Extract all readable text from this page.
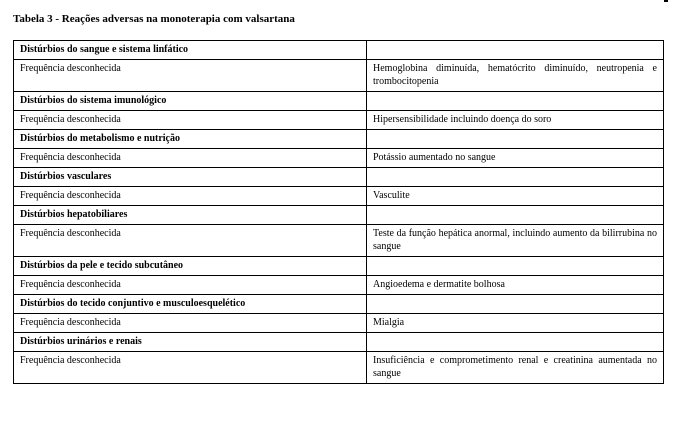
Tabela 3 - Reações adversas na monoterapia com valsartana
Distúrbios do sangue e sistema linfático	
Frequência desconhecida	Hemoglobina diminuída, hematócrito diminuído, neutropenia e trombocitopenia
Distúrbios do sistema imunológico	
Frequência desconhecida	Hipersensibilidade incluindo doença do soro
Distúrbios do metabolismo e nutrição	
Frequência desconhecida	Potássio aumentado no sangue
Distúrbios vasculares	
Frequência desconhecida	Vasculite
Distúrbios hepatobiliares	
Frequência desconhecida	Teste da função hepática anormal, incluindo aumento da bilirrubina no sangue
Distúrbios da pele e tecido subcutâneo	
Frequência desconhecida	Angioedema e dermatite bolhosa
Distúrbios do tecido conjuntivo e musculoesquelético	
Frequência desconhecida	Mialgia
Distúrbios urinários e renais	
Frequência desconhecida	Insuficiência e comprometimento renal e creatinina aumentada no sangue
